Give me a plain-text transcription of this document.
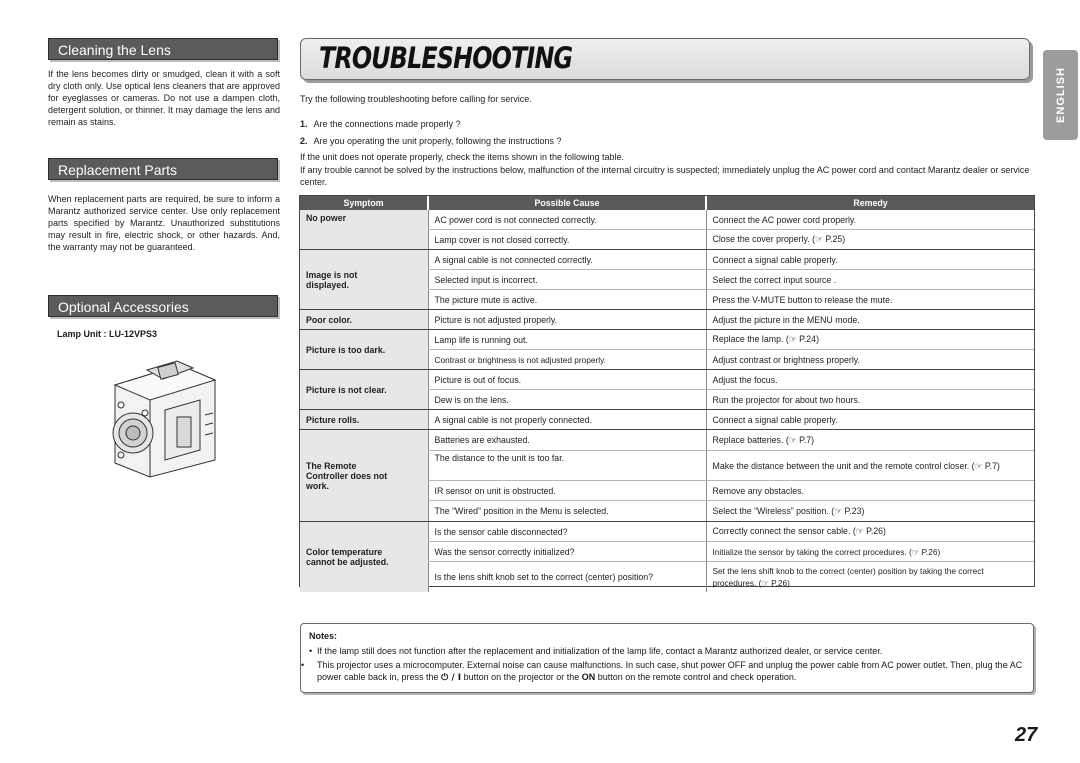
Cleaning the Lens
If the lens becomes dirty or smudged, clean it with a soft dry cloth only. Use optical lens cleaners that are approved for eyeglasses or cameras. Do not use a dampen cloth, detergent solution, or thinner. It may damage the lens and remain as stains.
Replacement Parts
When replacement parts are required, be sure to inform a Marantz authorized service center. Use only replacement parts specified by Marantz. Unauthorized substitutions may result in fire, electric shock, or other hazards. And, the warranty may not be guaranteed.
Optional Accessories
Lamp Unit : LU-12VPS3
TROUBLESHOOTING
ENGLISH
Try the following troubleshooting before calling for service.
1. Are the connections made properly ?
2. Are you operating the unit properly, following the instructions ?
If the unit does not operate properly, check the items shown in the following table.
If any trouble cannot be solved by the instructions below, malfunction of the internal circuitry is suspected; immediately unplug the AC power cord and contact Marantz dealer or service center.
Symptom	Possible Cause	Remedy
No power	AC power cord is not connected correctly.	Connect the AC power cord properly.
	Lamp cover is not closed correctly.	Close the cover properly. (☞ P.25)
Image is not
displayed.	A signal cable is not connected correctly.	Connect a signal cable properly.
	Selected input is incorrect.	Select the correct input source .
	The picture mute is active.	Press the V-MUTE button to release the mute.
Poor color.	Picture is not adjusted properly.	Adjust the picture in the MENU mode.
Picture is too dark.	Lamp life is running out.	Replace the lamp. (☞ P.24)
	Contrast or brightness is not adjusted properly.	Adjust contrast or brightness properly.
Picture is not clear.	Picture is out of focus.	Adjust the focus.
	Dew is on the lens.	Run the projector for about two hours.
Picture rolls.	A signal cable is not properly connected.	Connect a signal cable properly.
The Remote
Controller does not
work.	Batteries are exhausted.	Replace batteries. (☞ P.7)
	The distance to the unit is too far.	Make the distance between the unit and the remote control closer. (☞ P.7)
	IR sensor on unit is obstructed.	Remove any obstacles.
	The “Wired” position in the Menu is selected.	Select the “Wireless” position. (☞ P.23)
Color temperature
cannot be adjusted.	Is the sensor cable disconnected?	Correctly connect the sensor cable. (☞ P.26)
	Was the sensor correctly initialized?	Initialize the sensor by taking the correct procedures. (☞ P.26)
	Is the lens shift knob set to the correct (center) position?	Set the lens shift knob to the correct (center) position by taking the correct procedures. (☞ P.26)
Notes:
• If the lamp still does not function after the replacement and initialization of the lamp life, contact a Marantz authorized dealer, or service center.
• This projector uses a microcomputer. External noise can cause malfunctions. In such case, shut power OFF and unplug the power cable from AC power outlet. Then, plug the AC power cable back in, press the ⏻ / I button on the projector or the ON button on the remote control and check operation.
27
